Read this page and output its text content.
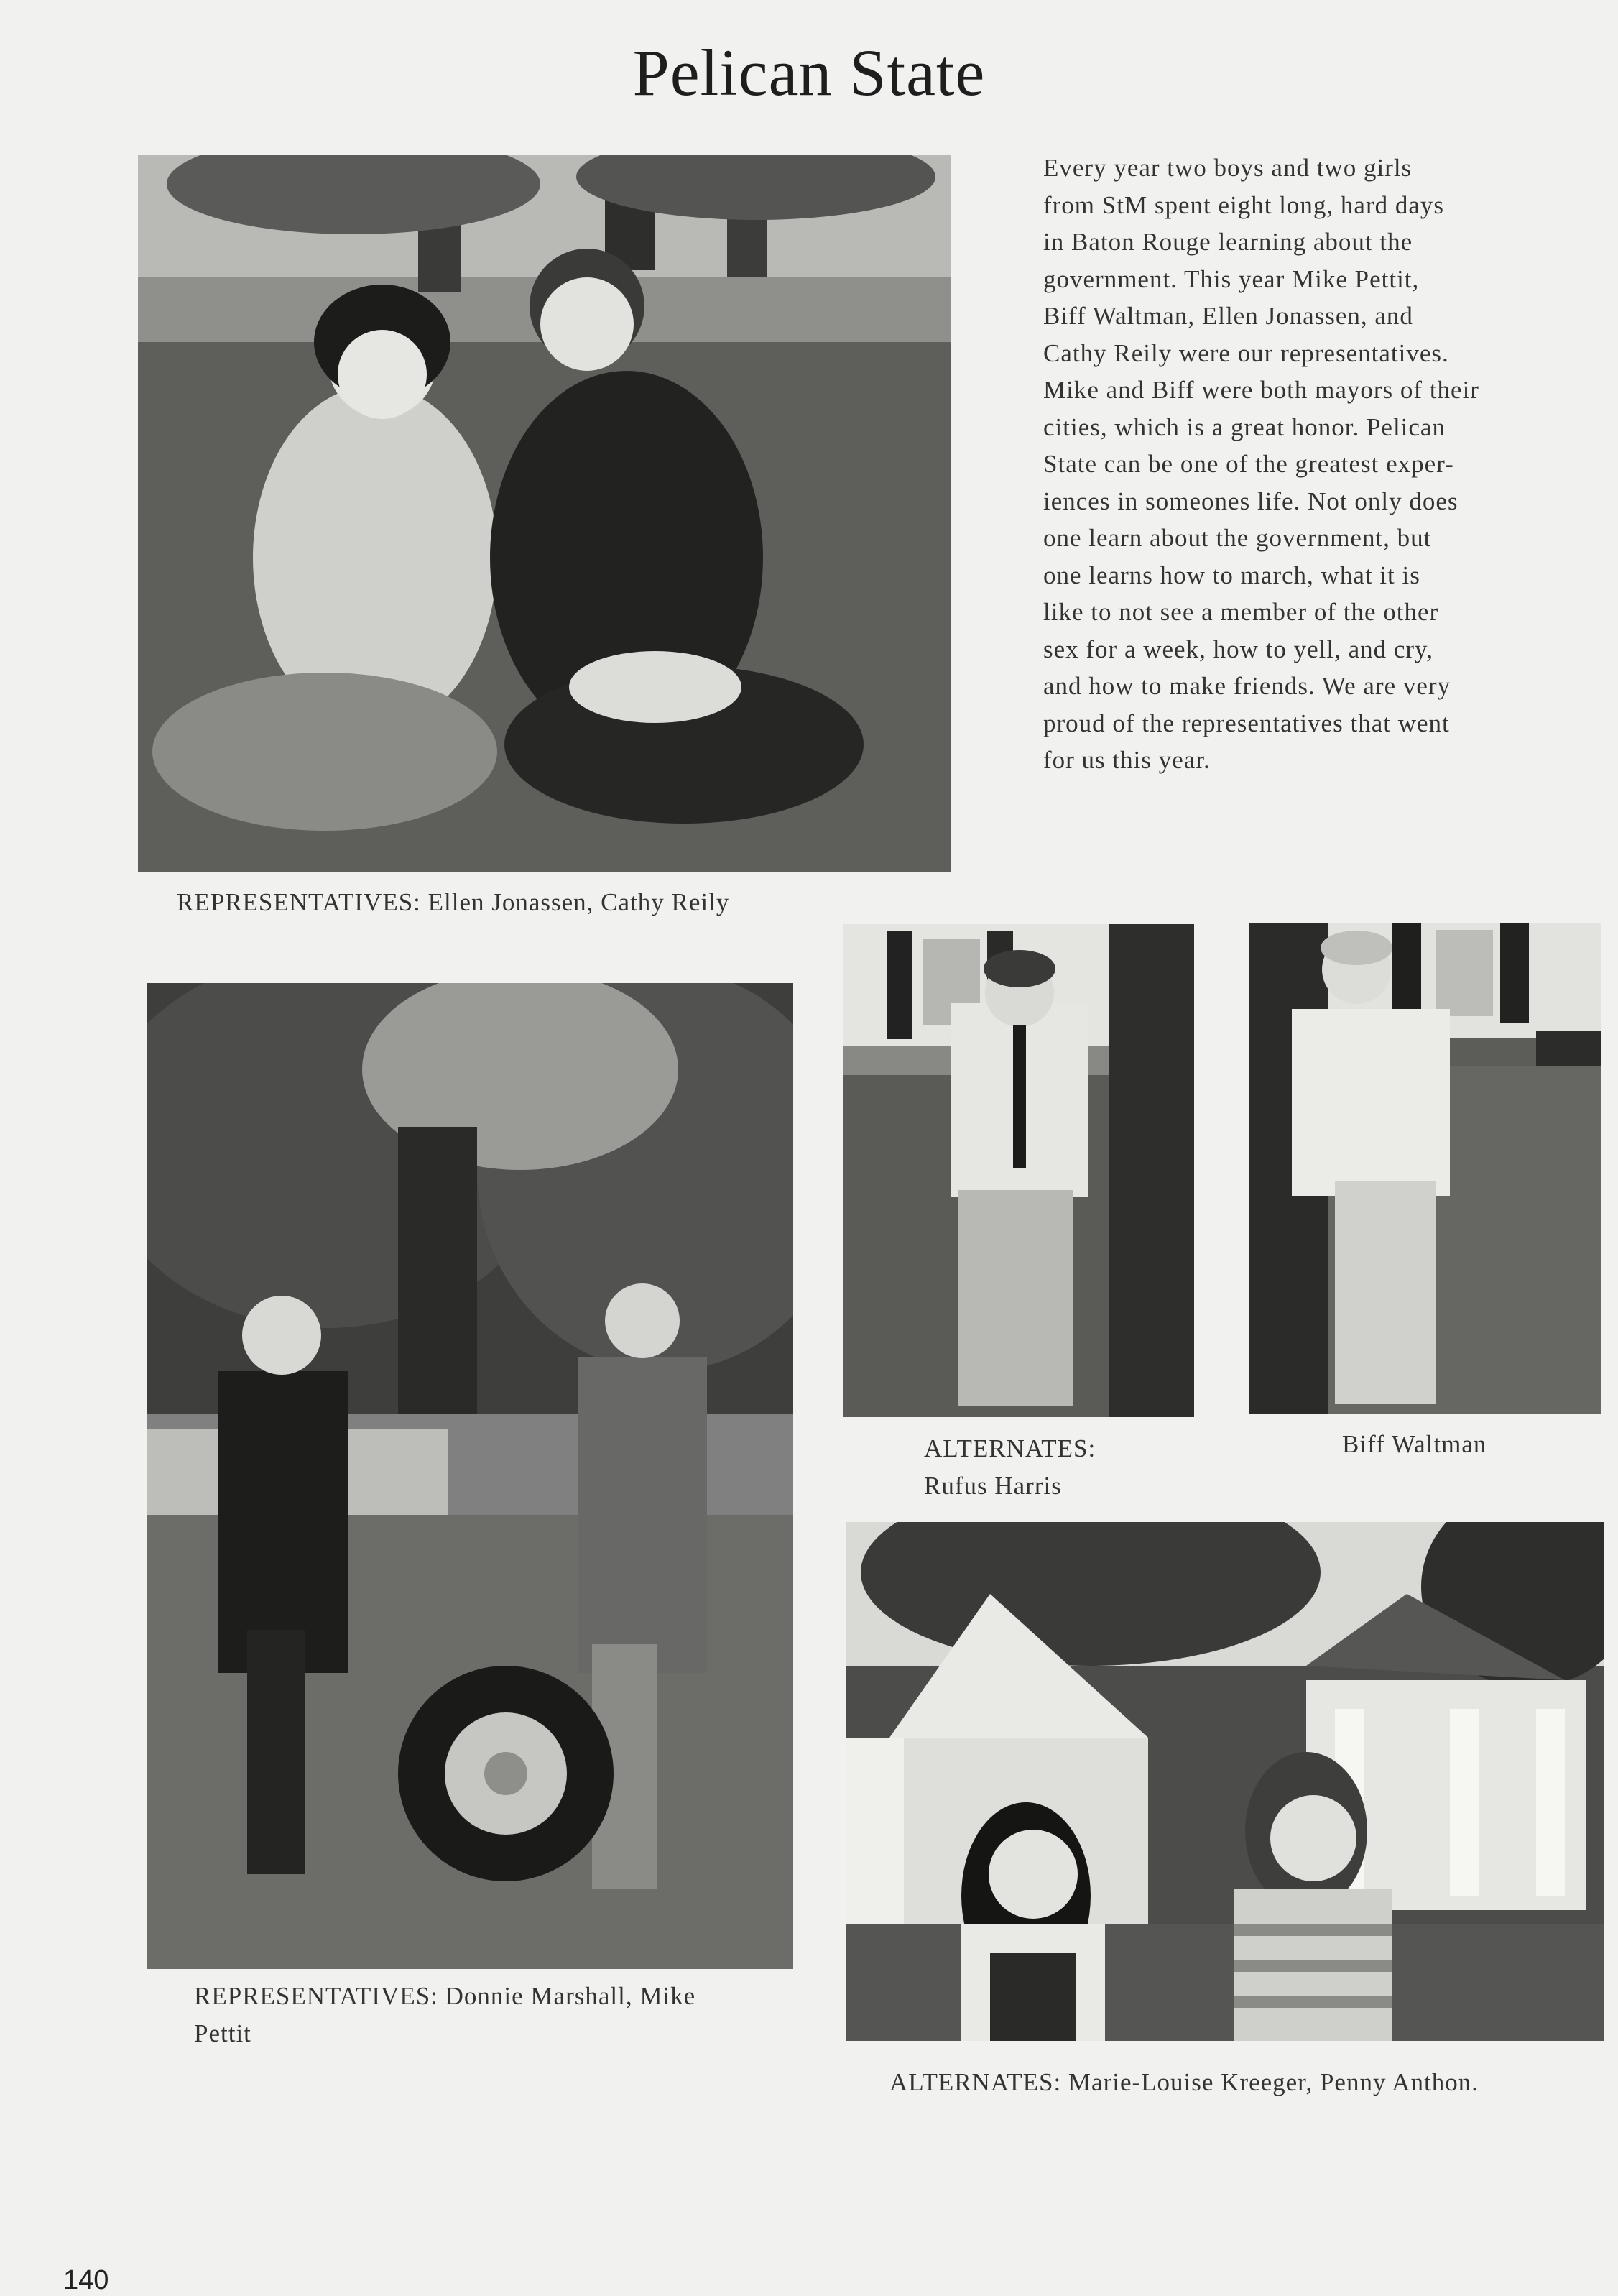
Pelican State
Every year two boys and two girls
from StM spent eight long, hard days
in Baton Rouge learning about the
government. This year Mike Pettit,
Biff Waltman, Ellen Jonassen, and
Cathy Reily were our representatives.
Mike and Biff were both mayors of their
cities, which is a great honor. Pelican
State can be one of the greatest exper-
iences in someones life. Not only does
one learn about the government, but
one learns how to march, what it is
like to not see a member of the other
sex for a week, how to yell, and cry,
and how to make friends. We are very
proud of the representatives that went
for us this year.
REPRESENTATIVES: Ellen Jonassen, Cathy Reily
REPRESENTATIVES: Donnie Marshall, Mike
Pettit
ALTERNATES:
Rufus Harris
Biff Waltman
ALTERNATES: Marie-Louise Kreeger, Penny Anthon.
140
